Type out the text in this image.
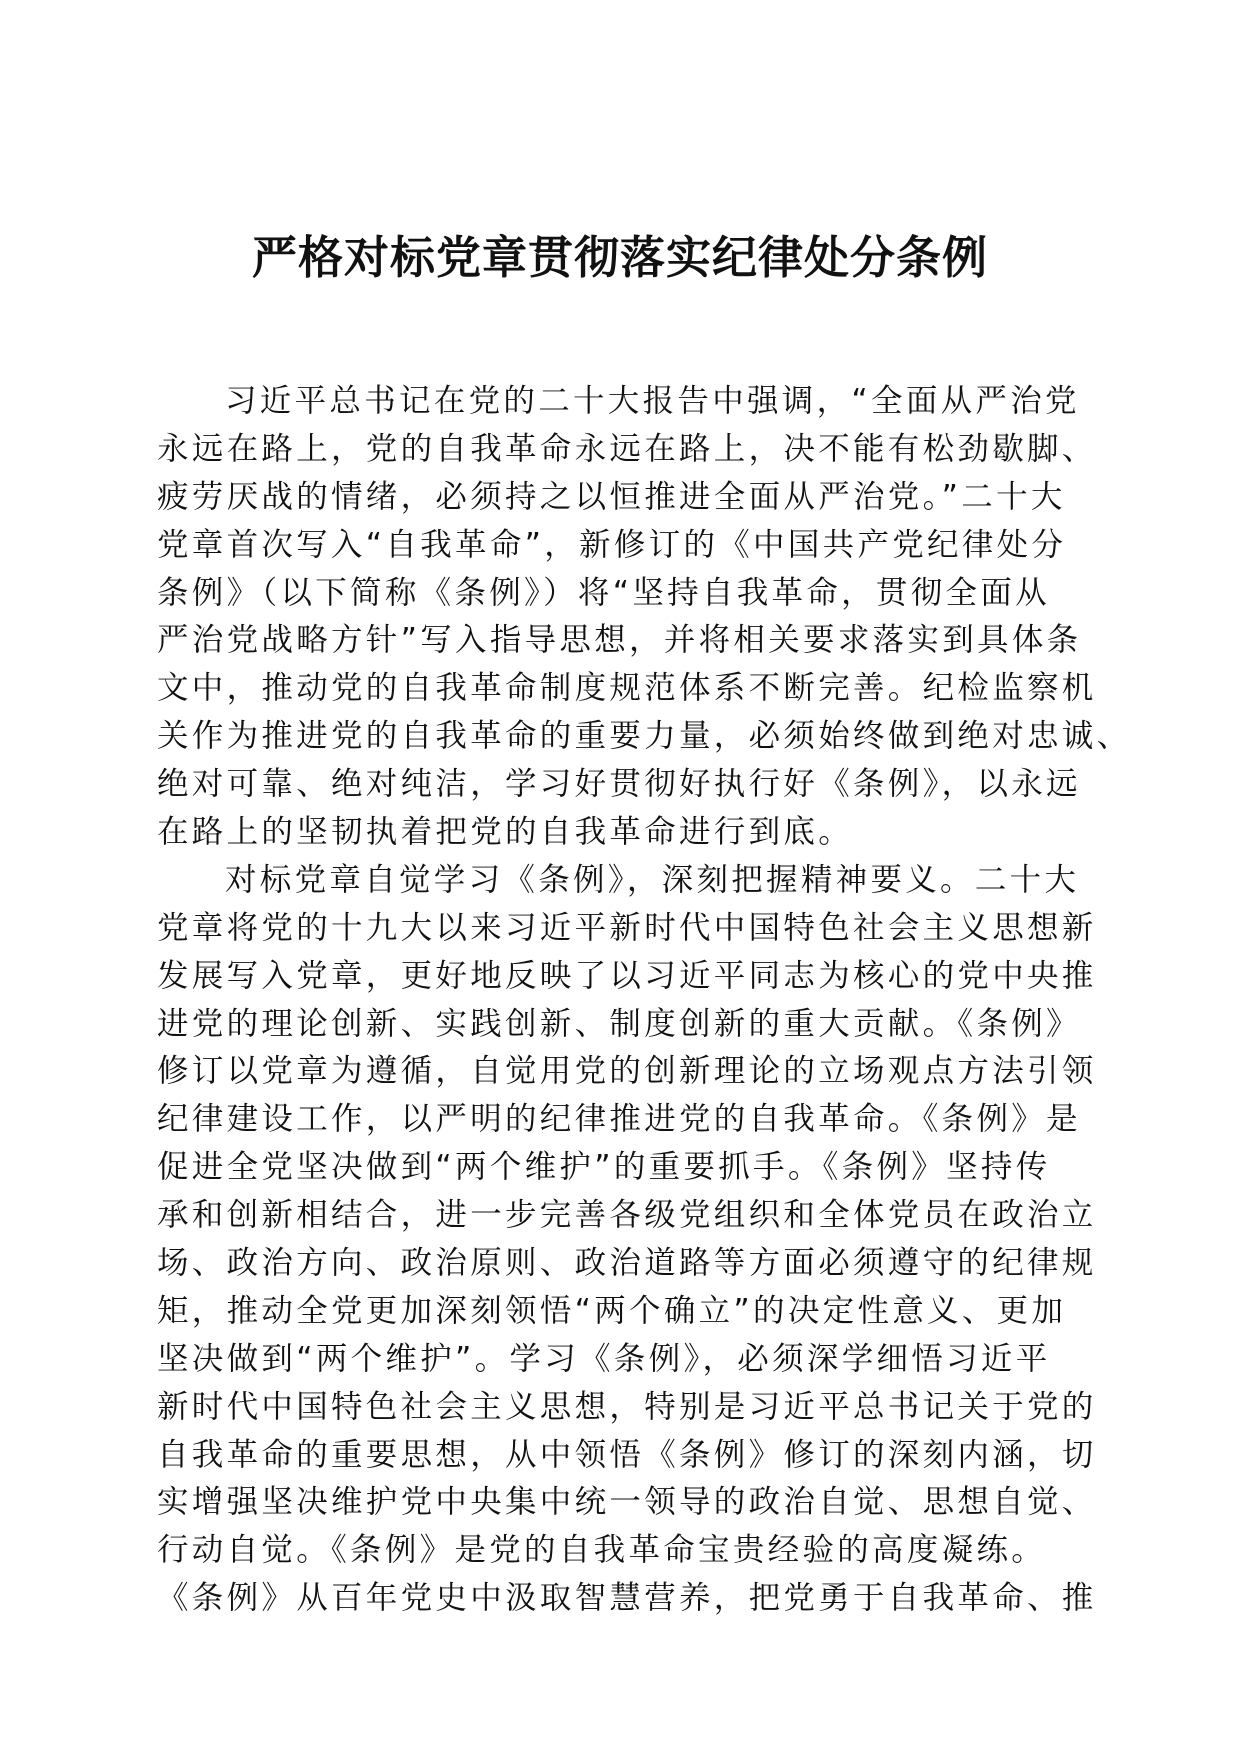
严格对标党章贯彻落实纪律处分条例
习近平总书记在党的二十大报告中强调，“全面从严治党
永远在路上，党的自我革命永远在路上，决不能有松劲歇脚、
疲劳厌战的情绪，必须持之以恒推进全面从严治党。”二十大
党章首次写入“自我革命”，新修订的《中国共产党纪律处分
条例》（以下简称《条例》）将“坚持自我革命，贯彻全面从
严治党战略方针”写入指导思想，并将相关要求落实到具体条
文中，推动党的自我革命制度规范体系不断完善。纪检监察机
关作为推进党的自我革命的重要力量，必须始终做到绝对忠诚、
绝对可靠、绝对纯洁，学习好贯彻好执行好《条例》，以永远
在路上的坚韧执着把党的自我革命进行到底。
对标党章自觉学习《条例》，深刻把握精神要义。二十大
党章将党的十九大以来习近平新时代中国特色社会主义思想新
发展写入党章，更好地反映了以习近平同志为核心的党中央推
进党的理论创新、实践创新、制度创新的重大贡献。《条例》
修订以党章为遵循，自觉用党的创新理论的立场观点方法引领
纪律建设工作，以严明的纪律推进党的自我革命。《条例》是
促进全党坚决做到“两个维护”的重要抓手。《条例》坚持传
承和创新相结合，进一步完善各级党组织和全体党员在政治立
场、政治方向、政治原则、政治道路等方面必须遵守的纪律规
矩，推动全党更加深刻领悟“两个确立”的决定性意义、更加
坚决做到“两个维护”。学习《条例》，必须深学细悟习近平
新时代中国特色社会主义思想，特别是习近平总书记关于党的
自我革命的重要思想，从中领悟《条例》修订的深刻内涵，切
实增强坚决维护党中央集中统一领导的政治自觉、思想自觉、
行动自觉。《条例》是党的自我革命宝贵经验的高度凝练。
《条例》从百年党史中汲取智慧营养，把党勇于自我革命、推
